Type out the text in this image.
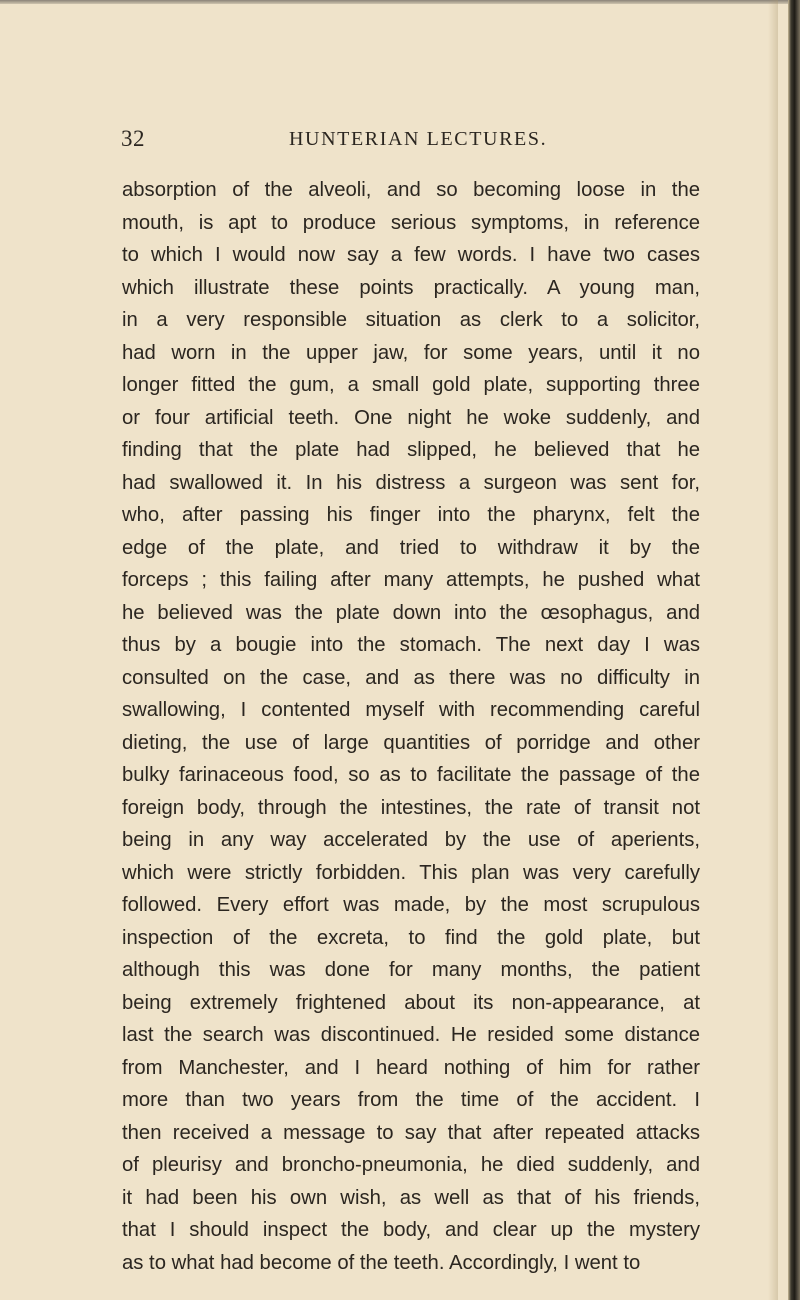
32	HUNTERIAN LECTURES.
absorption of the alveoli, and so becoming loose in the
mouth, is apt to produce serious symptoms, in reference
to which I would now say a few words. I have two cases
which illustrate these points practically. A young man,
in a very responsible situation as clerk to a solicitor,
had worn in the upper jaw, for some years, until it no
longer fitted the gum, a small gold plate, supporting three
or four artificial teeth. One night he woke suddenly, and
finding that the plate had slipped, he believed that he
had swallowed it. In his distress a surgeon was sent for,
who, after passing his finger into the pharynx, felt the
edge of the plate, and tried to withdraw it by the
forceps ; this failing after many attempts, he pushed what
he believed was the plate down into the œsophagus, and
thus by a bougie into the stomach. The next day I was
consulted on the case, and as there was no difficulty in
swallowing, I contented myself with recommending careful
dieting, the use of large quantities of porridge and other
bulky farinaceous food, so as to facilitate the passage of the
foreign body, through the intestines, the rate of transit not
being in any way accelerated by the use of aperients,
which were strictly forbidden. This plan was very carefully
followed. Every effort was made, by the most scrupulous
inspection of the excreta, to find the gold plate, but
although this was done for many months, the patient
being extremely frightened about its non-appearance, at
last the search was discontinued. He resided some distance
from Manchester, and I heard nothing of him for rather
more than two years from the time of the accident. I
then received a message to say that after repeated attacks
of pleurisy and broncho-pneumonia, he died suddenly, and
it had been his own wish, as well as that of his friends,
that I should inspect the body, and clear up the mystery
as to what had become of the teeth. Accordingly, I went to
